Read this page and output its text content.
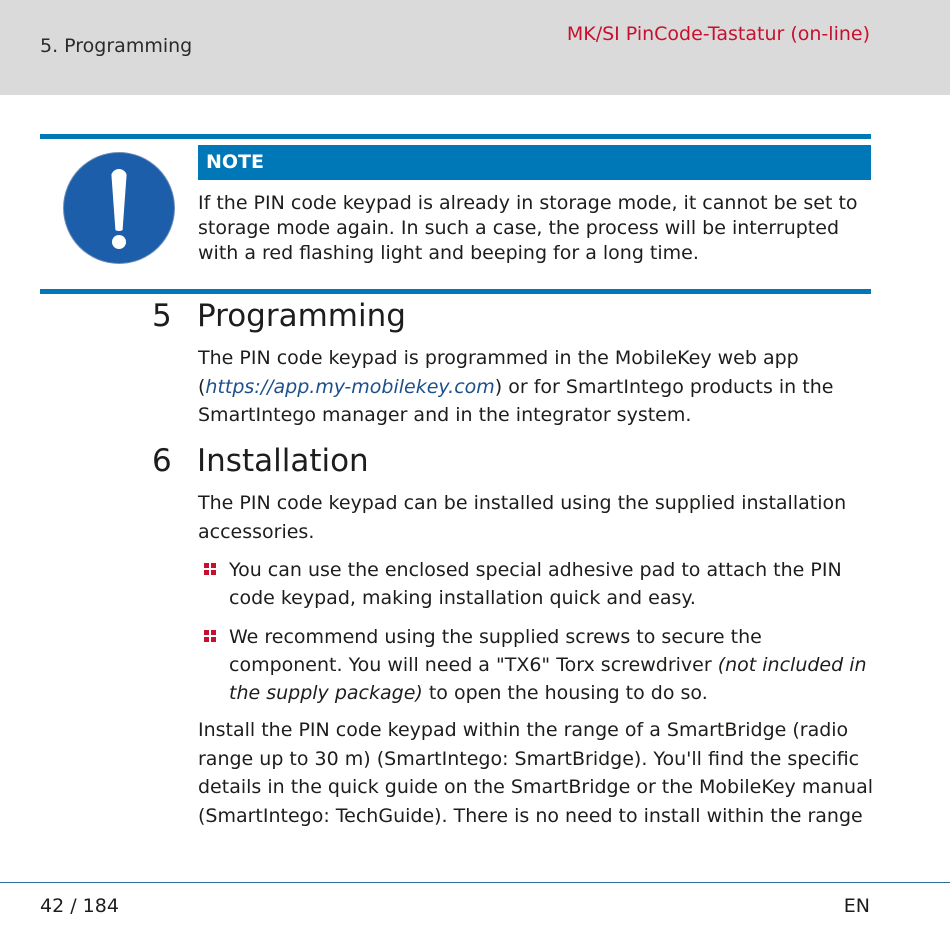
5. Programming
MK/SI PinCode-Tastatur (on-line)
NOTE
If the PIN code keypad is already in storage mode, it cannot be set to storage mode again. In such a case, the process will be interrupted with a red flashing light and beeping for a long time.
5 Programming
The PIN code keypad is programmed in the MobileKey web app (https://app.my-mobilekey.com) or for SmartIntego products in the SmartIntego manager and in the integrator system.
6 Installation
The PIN code keypad can be installed using the supplied installation accessories.
You can use the enclosed special adhesive pad to attach the PIN code keypad, making installation quick and easy.
We recommend using the supplied screws to secure the component. You will need a "TX6" Torx screwdriver (not included in the supply package) to open the housing to do so.
Install the PIN code keypad within the range of a SmartBridge (radio range up to 30 m) (SmartIntego: SmartBridge). You'll find the specific details in the quick guide on the SmartBridge or the MobileKey manual (SmartIntego: TechGuide). There is no need to install within the range
42 / 184	EN
